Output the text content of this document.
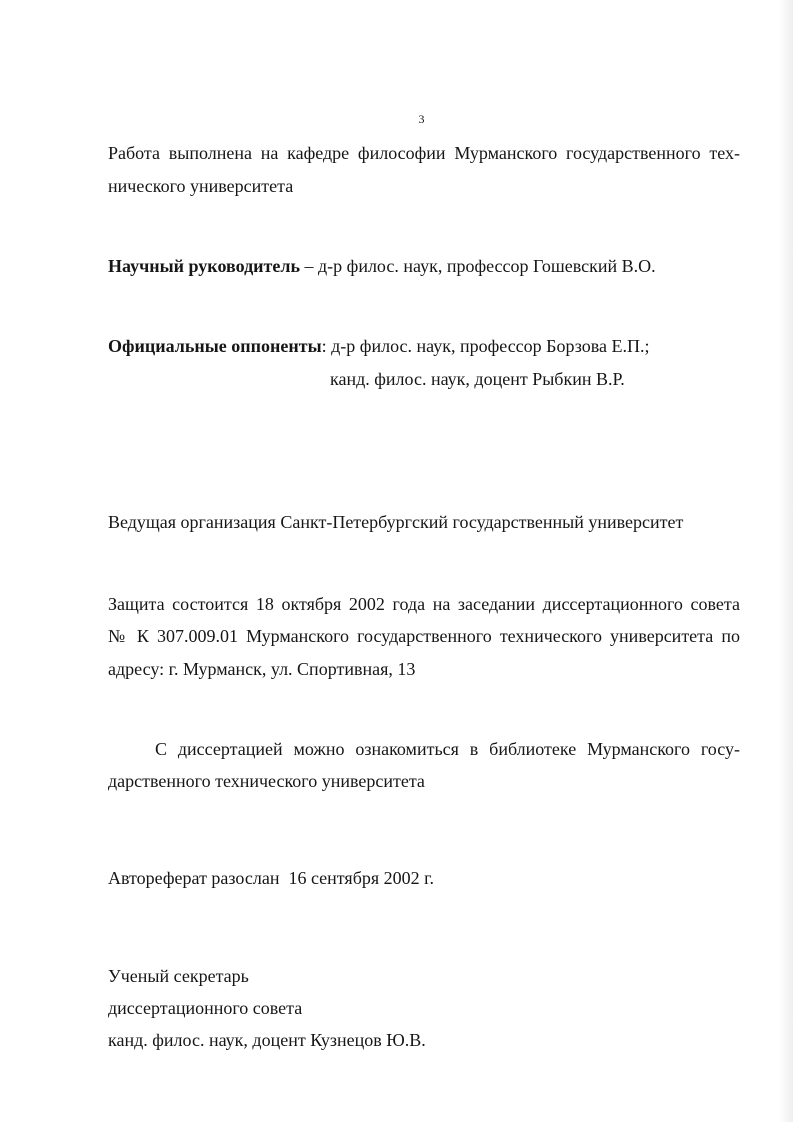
3
Работа выполнена на кафедре философии Мурманского государственного тех-
нического университета
Научный руководитель – д-р филос. наук, профессор Гошевский В.О.
Официальные оппоненты: д-р филос. наук, профессор Борзова Е.П.;
канд. филос. наук, доцент Рыбкин В.Р.
Ведущая организация Санкт-Петербургский государственный университет
Защита состоится 18 октября 2002 года на заседании диссертационного совета
№ К 307.009.01 Мурманского государственного технического университета по
адресу: г. Мурманск, ул. Спортивная, 13
С диссертацией можно ознакомиться в библиотеке Мурманского госу-
дарственного технического университета
Автореферат разослан  16 сентября 2002 г.
Ученый секретарь
диссертационного совета
канд. филос. наук, доцент Кузнецов Ю.В.
